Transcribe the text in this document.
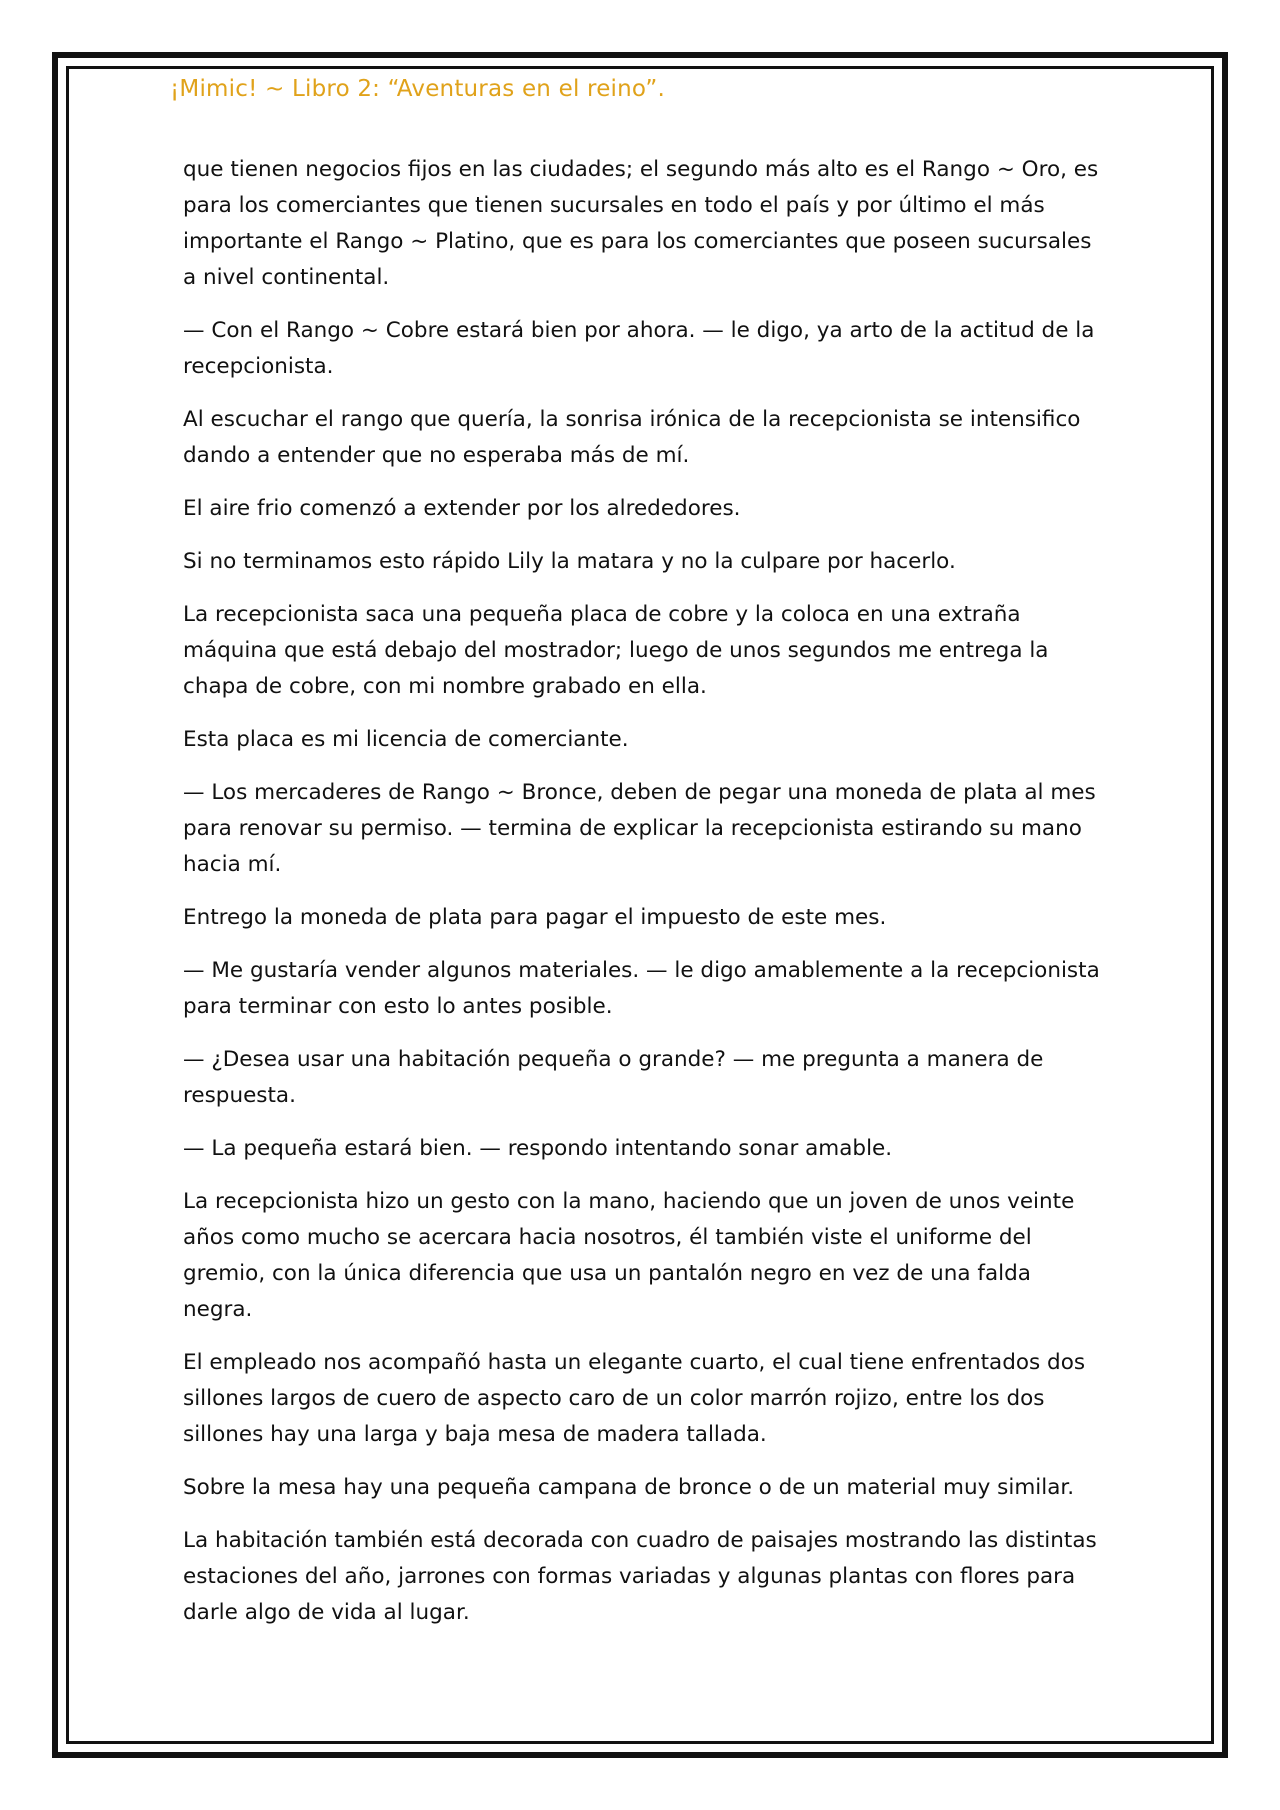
¡Mimic! ~ Libro 2: “Aventuras en el reino”.

que tienen negocios fijos en las ciudades; el segundo más alto es el Rango ~ Oro, es para los comerciantes que tienen sucursales en todo el país y por último el más importante el Rango ~ Platino, que es para los comerciantes que poseen sucursales a nivel continental.

— Con el Rango ~ Cobre estará bien por ahora. — le digo, ya arto de la actitud de la recepcionista.

Al escuchar el rango que quería, la sonrisa irónica de la recepcionista se intensifico dando a entender que no esperaba más de mí.

El aire frio comenzó a extender por los alrededores.

Si no terminamos esto rápido Lily la matara y no la culpare por hacerlo.

La recepcionista saca una pequeña placa de cobre y la coloca en una extraña máquina que está debajo del mostrador; luego de unos segundos me entrega la chapa de cobre, con mi nombre grabado en ella.

Esta placa es mi licencia de comerciante.

— Los mercaderes de Rango ~ Bronce, deben de pegar una moneda de plata al mes para renovar su permiso. — termina de explicar la recepcionista estirando su mano hacia mí.

Entrego la moneda de plata para pagar el impuesto de este mes.

— Me gustaría vender algunos materiales. — le digo amablemente a la recepcionista para terminar con esto lo antes posible.

— ¿Desea usar una habitación pequeña o grande? — me pregunta a manera de respuesta.

— La pequeña estará bien. — respondo intentando sonar amable.

La recepcionista hizo un gesto con la mano, haciendo que un joven de unos veinte años como mucho se acercara hacia nosotros, él también viste el uniforme del gremio, con la única diferencia que usa un pantalón negro en vez de una falda negra.

El empleado nos acompañó hasta un elegante cuarto, el cual tiene enfrentados dos sillones largos de cuero de aspecto caro de un color marrón rojizo, entre los dos sillones hay una larga y baja mesa de madera tallada.

Sobre la mesa hay una pequeña campana de bronce o de un material muy similar.

La habitación también está decorada con cuadro de paisajes mostrando las distintas estaciones del año, jarrones con formas variadas y algunas plantas con flores para darle algo de vida al lugar.
